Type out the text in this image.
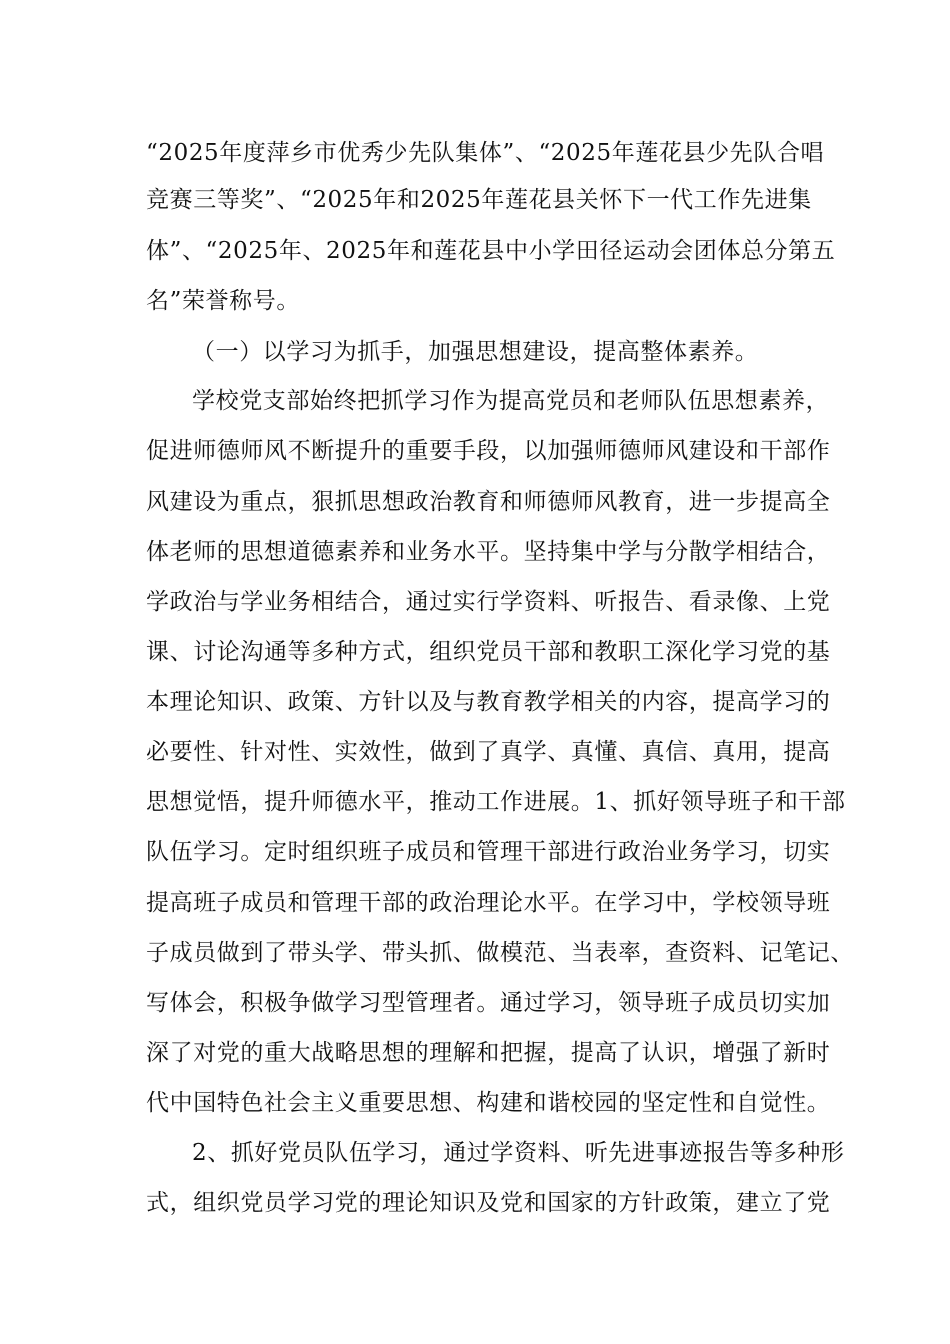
“2025年度萍乡市优秀少先队集体”、“2025年莲花县少先队合唱
竞赛三等奖”、“2025年和2025年莲花县关怀下一代工作先进集
体”、“2025年、2025年和莲花县中小学田径运动会团体总分第五
名”荣誉称号。
（一）以学习为抓手，加强思想建设，提高整体素养。
学校党支部始终把抓学习作为提高党员和老师队伍思想素养，
促进师德师风不断提升的重要手段，以加强师德师风建设和干部作
风建设为重点，狠抓思想政治教育和师德师风教育，进一步提高全
体老师的思想道德素养和业务水平。坚持集中学与分散学相结合，
学政治与学业务相结合，通过实行学资料、听报告、看录像、上党
课、讨论沟通等多种方式，组织党员干部和教职工深化学习党的基
本理论知识、政策、方针以及与教育教学相关的内容，提高学习的
必要性、针对性、实效性，做到了真学、真懂、真信、真用，提高
思想觉悟，提升师德水平，推动工作进展。1、抓好领导班子和干部
队伍学习。定时组织班子成员和管理干部进行政治业务学习，切实
提高班子成员和管理干部的政治理论水平。在学习中，学校领导班
子成员做到了带头学、带头抓、做模范、当表率，查资料、记笔记、
写体会，积极争做学习型管理者。通过学习，领导班子成员切实加
深了对党的重大战略思想的理解和把握，提高了认识，增强了新时
代中国特色社会主义重要思想、构建和谐校园的坚定性和自觉性。
2、抓好党员队伍学习，通过学资料、听先进事迹报告等多种形
式，组织党员学习党的理论知识及党和国家的方针政策，建立了党
